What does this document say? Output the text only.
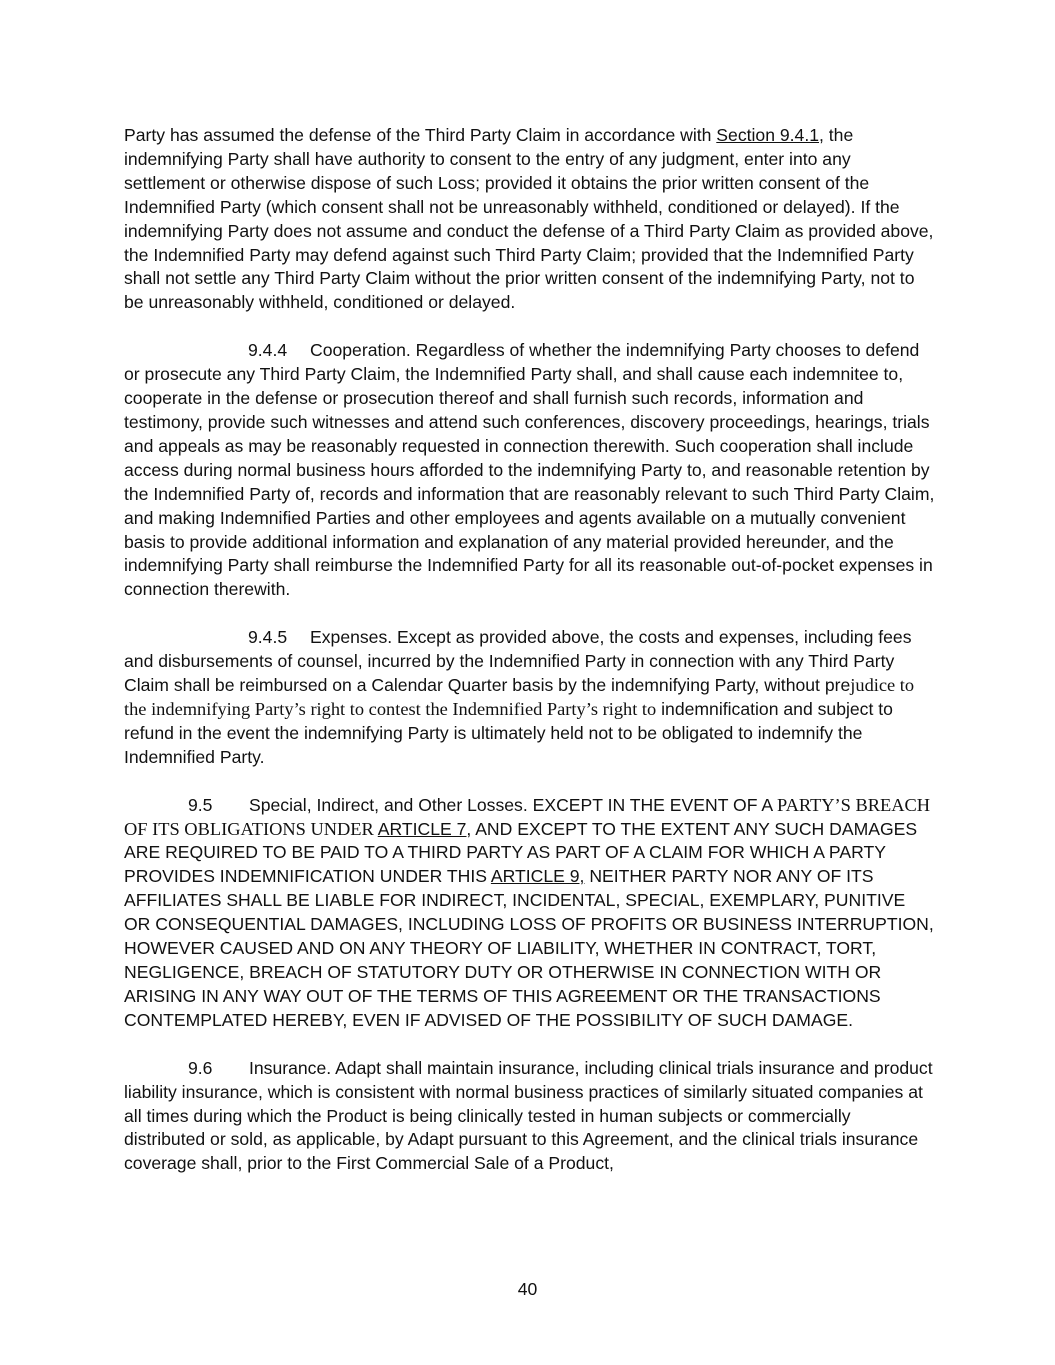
Party has assumed the defense of the Third Party Claim in accordance with Section 9.4.1, the indemnifying Party shall have authority to consent to the entry of any judgment, enter into any settlement or otherwise dispose of such Loss; provided it obtains the prior written consent of the Indemnified Party (which consent shall not be unreasonably withheld, conditioned or delayed). If the indemnifying Party does not assume and conduct the defense of a Third Party Claim as provided above, the Indemnified Party may defend against such Third Party Claim; provided that the Indemnified Party shall not settle any Third Party Claim without the prior written consent of the indemnifying Party, not to be unreasonably withheld, conditioned or delayed.

9.4.4 Cooperation. Regardless of whether the indemnifying Party chooses to defend or prosecute any Third Party Claim, the Indemnified Party shall, and shall cause each indemnitee to, cooperate in the defense or prosecution thereof and shall furnish such records, information and testimony, provide such witnesses and attend such conferences, discovery proceedings, hearings, trials and appeals as may be reasonably requested in connection therewith. Such cooperation shall include access during normal business hours afforded to the indemnifying Party to, and reasonable retention by the Indemnified Party of, records and information that are reasonably relevant to such Third Party Claim, and making Indemnified Parties and other employees and agents available on a mutually convenient basis to provide additional information and explanation of any material provided hereunder, and the indemnifying Party shall reimburse the Indemnified Party for all its reasonable out-of-pocket expenses in connection therewith.

9.4.5 Expenses. Except as provided above, the costs and expenses, including fees and disbursements of counsel, incurred by the Indemnified Party in connection with any Third Party Claim shall be reimbursed on a Calendar Quarter basis by the indemnifying Party, without prejudice to the indemnifying Party’s right to contest the Indemnified Party’s right to indemnification and subject to refund in the event the indemnifying Party is ultimately held not to be obligated to indemnify the Indemnified Party.

9.5 Special, Indirect, and Other Losses. EXCEPT IN THE EVENT OF A PARTY’S BREACH OF ITS OBLIGATIONS UNDER ARTICLE 7, AND EXCEPT TO THE EXTENT ANY SUCH DAMAGES ARE REQUIRED TO BE PAID TO A THIRD PARTY AS PART OF A CLAIM FOR WHICH A PARTY PROVIDES INDEMNIFICATION UNDER THIS ARTICLE 9, NEITHER PARTY NOR ANY OF ITS AFFILIATES SHALL BE LIABLE FOR INDIRECT, INCIDENTAL, SPECIAL, EXEMPLARY, PUNITIVE OR CONSEQUENTIAL DAMAGES, INCLUDING LOSS OF PROFITS OR BUSINESS INTERRUPTION, HOWEVER CAUSED AND ON ANY THEORY OF LIABILITY, WHETHER IN CONTRACT, TORT, NEGLIGENCE, BREACH OF STATUTORY DUTY OR OTHERWISE IN CONNECTION WITH OR ARISING IN ANY WAY OUT OF THE TERMS OF THIS AGREEMENT OR THE TRANSACTIONS CONTEMPLATED HEREBY, EVEN IF ADVISED OF THE POSSIBILITY OF SUCH DAMAGE.

9.6 Insurance. Adapt shall maintain insurance, including clinical trials insurance and product liability insurance, which is consistent with normal business practices of similarly situated companies at all times during which the Product is being clinically tested in human subjects or commercially distributed or sold, as applicable, by Adapt pursuant to this Agreement, and the clinical trials insurance coverage shall, prior to the First Commercial Sale of a Product,

40
